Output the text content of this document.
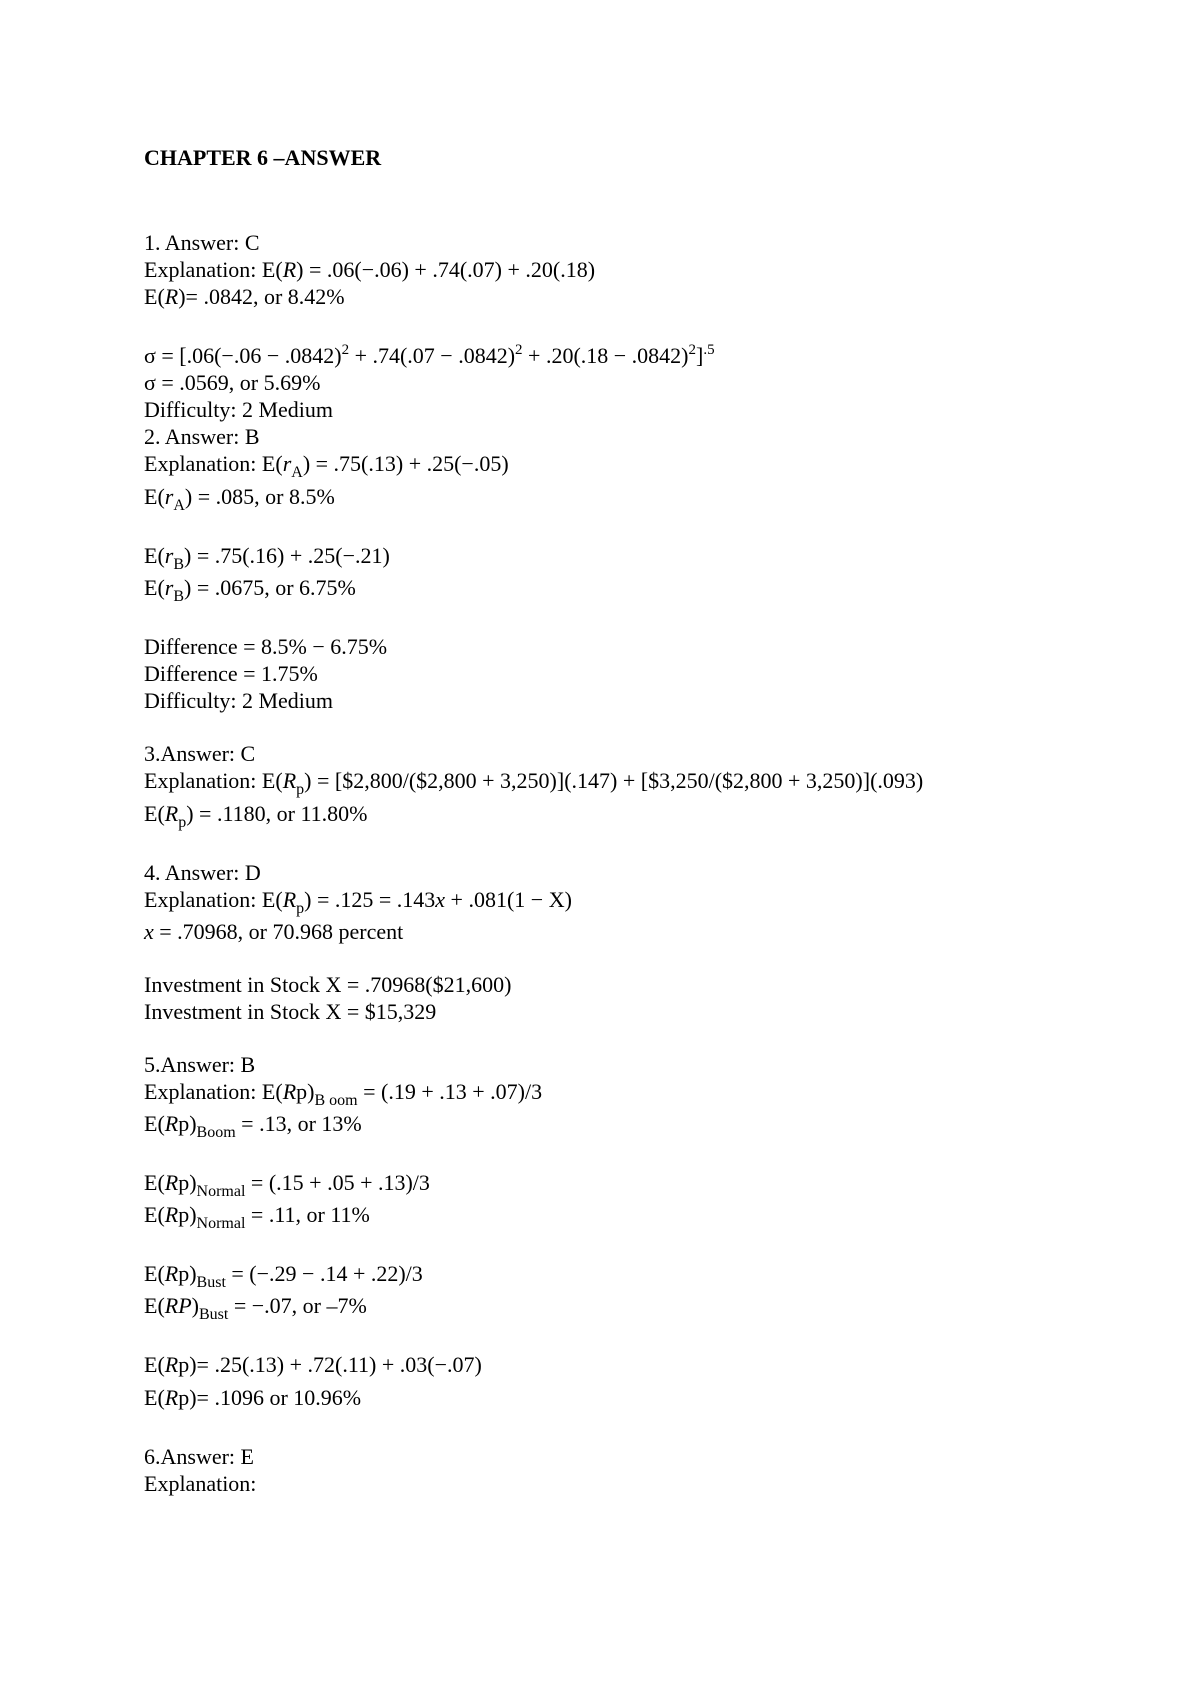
CHAPTER 6 –ANSWER
1. Answer: C
Explanation: E(R) = .06(−.06) + .74(.07) + .20(.18)
E(R)= .0842, or 8.42%
$\sigma = [.06(-.06 - .0842)^2 + .74(.07 - .0842)^2 + .20(.18 - .0842)^2]^{.5}$
σ = .0569, or 5.69%
Difficulty: 2 Medium
2. Answer: B
Explanation: $E(r_A) = .75(.13) + .25(-.05)$
$E(r_A) = .085$, or 8.5%
$E(r_B) = .75(.16) + .25(-.21)$
$E(r_B) = .0675$, or 6.75%
Difference = 8.5% − 6.75%
Difference = 1.75%
Difficulty: 2 Medium
3.Answer: C
Explanation: $E(R_p)$ = [$2,800/($2,800 + 3,250)](.147) + [$3,250/($2,800 + 3,250)](.093)
$E(R_p) = .1180$, or 11.80%
4. Answer: D
Explanation: $E(R_p) = .125 = .143x + .081(1 - X)$
x = .70968, or 70.968 percent
Investment in Stock X = .70968($21,600)
Investment in Stock X = $15,329
5.Answer: B
Explanation: $E(Rp)_{B oom} = (.19 + .13 + .07)/3$
$E(Rp)_{Boom} = .13$, or 13%
$E(Rp)_{Normal} = (.15 + .05 + .13)/3$
$E(Rp)_{Normal} = .11$, or 11%
$E(Rp)_{Bust} = (-.29 - .14 + .22)/3$
$E(RP)_{Bust} = -.07$, or –7%
E(Rp)= .25(.13) + .72(.11) + .03(−.07)
E(Rp)= .1096 or 10.96%
6.Answer: E
Explanation:
